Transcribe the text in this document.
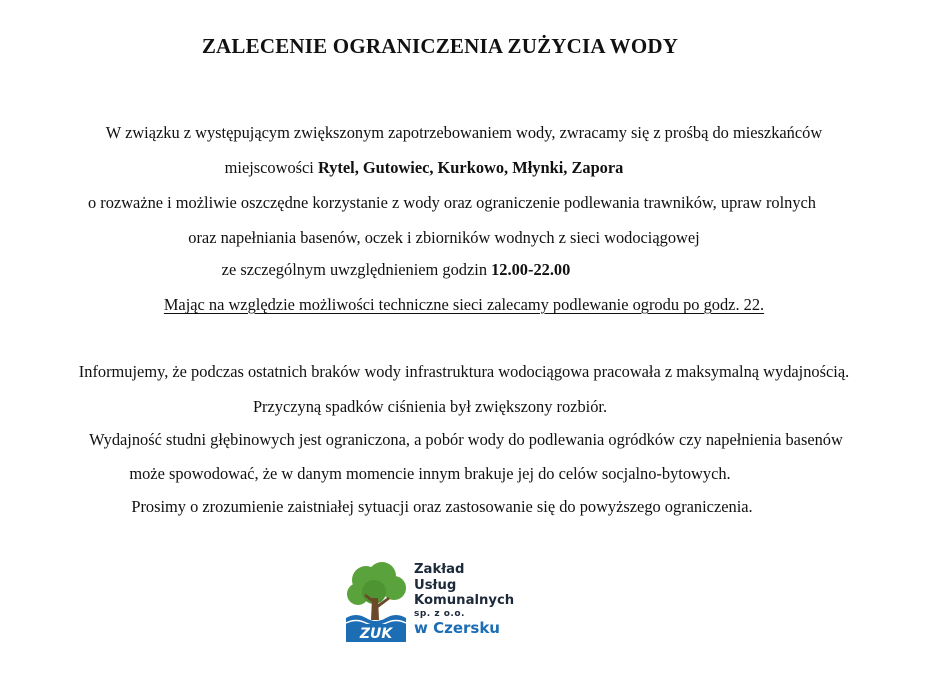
ZALECENIE OGRANICZENIA ZUŻYCIA WODY
W związku z występującym zwiększonym zapotrzebowaniem wody, zwracamy się z prośbą do mieszkańców
miejscowości Rytel, Gutowiec, Kurkowo, Młynki, Zapora
o rozważne i możliwie oszczędne korzystanie z wody oraz ograniczenie podlewania trawników, upraw rolnych
oraz napełniania basenów, oczek i zbiorników wodnych z sieci wodociągowej
ze szczególnym uwzględnieniem godzin 12.00-22.00
Mając na względzie możliwości techniczne sieci zalecamy podlewanie ogrodu po godz. 22.
Informujemy, że podczas ostatnich braków wody infrastruktura wodociągowa pracowała z maksymalną wydajnością.
Przyczyną spadków ciśnienia był zwiększony rozbiór.
Wydajność studni głębinowych jest ograniczona, a pobór wody do podlewania ogródków czy napełnienia basenów
może spowodować, że w danym momencie innym brakuje jej do celów socjalno-bytowych.
Prosimy o zrozumienie zaistniałej sytuacji oraz zastosowanie się do powyższego ograniczenia.
ZUK
Zakład
Usług
Komunalnych
sp. z o.o.
w Czersku
